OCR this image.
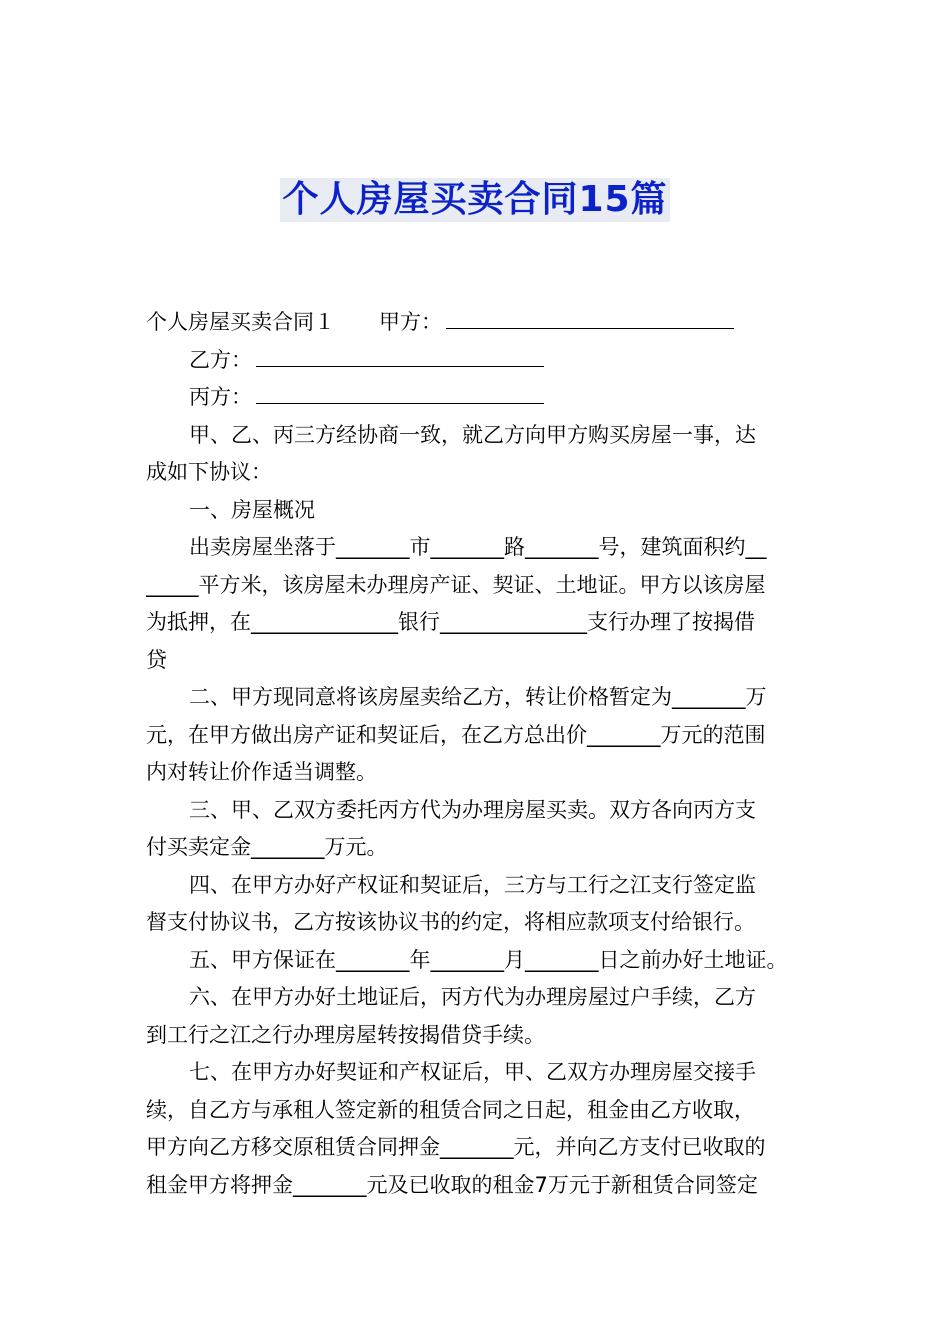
个人房屋买卖合同15篇
个人房屋买卖合同１ 甲方：
乙方：
丙方：
甲、乙、丙三方经协商一致，就乙方向甲方购买房屋一事，达
成如下协议：
一、房屋概况
出卖房屋坐落于_______市_______路_______号，建筑面积约__
_____平方米，该房屋未办理房产证、契证、土地证。甲方以该房屋
为抵押，在______________银行______________支行办理了按揭借
贷
二、甲方现同意将该房屋卖给乙方，转让价格暂定为_______万
元，在甲方做出房产证和契证后，在乙方总出价_______万元的范围
内对转让价作适当调整。
三、甲、乙双方委托丙方代为办理房屋买卖。双方各向丙方支
付买卖定金_______万元。
四、在甲方办好产权证和契证后，三方与工行之江支行签定监
督支付协议书，乙方按该协议书的约定，将相应款项支付给银行。
五、甲方保证在_______年_______月_______日之前办好土地证。
六、在甲方办好土地证后，丙方代为办理房屋过户手续，乙方
到工行之江之行办理房屋转按揭借贷手续。
七、在甲方办好契证和产权证后，甲、乙双方办理房屋交接手
续，自乙方与承租人签定新的租赁合同之日起，租金由乙方收取，
甲方向乙方移交原租赁合同押金_______元，并向乙方支付已收取的
租金甲方将押金_______元及已收取的租金7万元于新租赁合同签定
